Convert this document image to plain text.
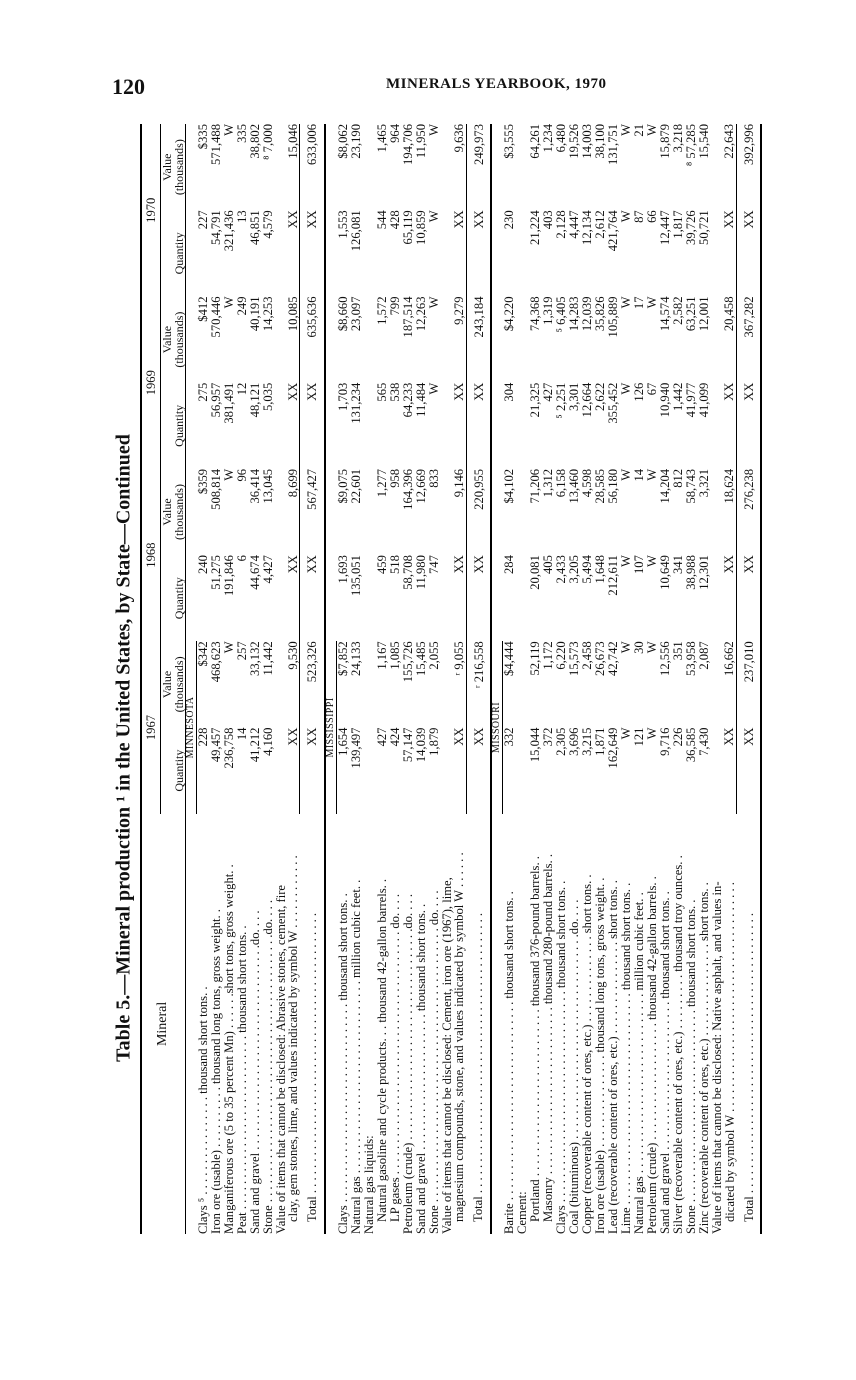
120	MINERALS YEARBOOK, 1970
Table 5.—Mineral production ¹ in the United States, by State—Continued Mineral	1967		1968		1969		1970	
	Quantity	Value
(thousands)	Quantity	Value
(thousands)	Quantity	Value
(thousands)	Quantity	Value
(thousands)
	MINNESOTA							
Clays ⁵ . . . . . . . . . . . . . . . . thousand short tons. .	228	$342	240	$359	275	$412	227	$335
Iron ore (usable) . . . . . . . . . . thousand long tons, gross weight. .	49,457	468,623	51,275	508,814	56,957	570,446	54,791	571,488
Manganiferous ore (5 to 35 percent Mn) . . . . . .short tons, gross weight. .	236,758	W	191,846	W	381,491	W	321,436	W
Peat . . . . . . . . . . . . . . . . . . . . . . . . . . . . thousand short tons. .	14	257	6	96	12	249	13	335
Sand and gravel . . . . . . . . . . . . . . . . . . . . . . . . . . . . . . . . .do. . . .	41,212	33,132	44,674	36,414	48,121	40,191	46,851	38,802
Stone . . . . . . . . . . . . . . . . . . . . . . . . . . . . . . . . . . . . . . . . . . .do. . . .	4,160	11,442	4,427	13,045	5,035	14,253	4,579	⁸ 7,000
Value of items that cannot be disclosed: Abrasive stones, cement, fire
clay, gem stones, lime, and values indicated by symbol W . . . . . . . . . . . .	XX	9,530	XX	8,699	XX	10,085	XX	15,046
Total . . . . . . . . . . . . . . . . . . . . . . . . . . . . . . . . . . . . . . . . . . . . .	XX	523,326	XX	567,427	XX	635,636	XX	633,006
	MISSISSIPPI							
Clays . . . . . . . . . . . . . . . . . . . . . . . . . . . . . . . . thousand short tons. .	1,654	$7,852	1,693	$9,075	1,703	$8,660	1,553	$8,062
Natural gas . . . . . . . . . . . . . . . . . . . . . . . . . . . . . . . million cubic feet. .	139,497	24,133	135,051	22,601	131,234	23,097	126,081	23,190
Natural gas liquids:								
Natural gasoline and cycle products. . . thousand 42-gallon barrels. .	427	1,167	459	1,277	565	1,572	544	1,465
LP gases . . . . . . . . . . . . . . . . . . . . . . . . . . . . . . . . . . . . . . . do. . . .	424	1,085	518	958	538	799	428	964
Petroleum (crude) . . . . . . . . . . . . . . . . . . . . . . . . . . . . . . . . . .do. . . .	57,147	155,726	58,708	164,396	64,233	187,514	65,119	194,706
Sand and gravel . . . . . . . . . . . . . . . . . . . . . . thousand short tons. .	14,039	15,485	11,980	12,669	11,484	12,263	10,859	11,950
Stone . . . . . . . . . . . . . . . . . . . . . . . . . . . . . . . . . . . . . . . . . . . . do. . . .	1,879	2,055	747	833	W	W	W	W
Value of items that cannot be disclosed: Cement, iron ore (1967), lime,
magnesium compounds, stone, and values indicated by symbol W . . . . . .	XX	ʳ 9,055	XX	9,146	XX	9,279	XX	9,636
Total . . . . . . . . . . . . . . . . . . . . . . . . . . . . . . . . . . . . . . . . . . . . .	XX	ʳ 216,558	XX	220,955	XX	243,184	XX	249,973
	MISSOURI							
Barite . . . . . . . . . . . . . . . . . . . . . . . . . . . . . . . . thousand short tons. .	332	$4,444	284	$4,102	304	$4,220	230	$3,555
Cement:								
Portland . . . . . . . . . . . . . . . . . . . . . . . . . . . thousand 376-pound barrels. .	15,044	52,119	20,081	71,206	21,325	74,368	21,224	64,261
Masonry . . . . . . . . . . . . . . . . . . . . . . . . . . . thousand 280-pound barrels. .	372	1,172	405	1,312	427	1,319	403	1,234
Clays . . . . . . . . . . . . . . . . . . . . . . . . . . . . . . . . . . thousand short tons. .	2,305	6,220	2,433	6,158	⁵ 2,251	⁵ 6,405	2,128	6,480
Coal (bituminous) . . . . . . . . . . . . . . . . . . . . . . . . . . . . . . . . .do. . . .	3,696	15,573	3,205	13,460	3,301	14,283	4,447	19,526
Copper (recoverable content of ores, etc.) . . . . . . . . . . . . . . short tons. .	3,215	2,458	5,494	4,598	12,664	12,039	12,134	14,003
Iron ore (usable) . . . . . . . . . . . . . . . thousand long tons, gross weight. .	1,871	26,673	1,648	28,585	2,622	35,826	2,612	38,100
Lead (recoverable content of ores, etc.) . . . . . . . . . . . . . . . short tons. .	162,649	42,742	212,611	56,180	355,452	105,889	421,764	131,751
Lime . . . . . . . . . . . . . . . . . . . . . . . . . . . . . . . . . . thousand short tons. .	W	W	W	W	W	W	W	W
Natural gas . . . . . . . . . . . . . . . . . . . . . . . . . . . . . million cubic feet. .	121	30	107	14	126	17	87	21
Petroleum (crude) . . . . . . . . . . . . . . . . . . . thousand 42-gallon barrels. .	W	W	W	W	67	W	66	W
Sand and gravel . . . . . . . . . . . . . . . . . . . . . . . . thousand short tons. .	9,716	12,556	10,649	14,204	10,940	14,574	12,447	15,879
Silver (recoverable content of ores, etc.) . . . . . . . . . thousand troy ounces. .	226	351	341	812	1,442	2,582	1,817	3,218
Stone . . . . . . . . . . . . . . . . . . . . . . . . . . . . . . . thousand short tons. .	36,585	53,958	38,988	58,743	41,977	63,251	39,726	⁸ 57,285
Zinc (recoverable content of ores, etc.) . . . . . . . . . . . . . . . short tons. .	7,430	2,087	12,301	3,321	41,099	12,001	50,721	15,540
Value of items that cannot be disclosed: Native asphalt, and values in-
dicated by symbol W . . . . . . . . . . . . . . . . . . . . . . . . . . . . . . . . . . . . .	XX	16,662	XX	18,624	XX	20,458	XX	22,643
Total . . . . . . . . . . . . . . . . . . . . . . . . . . . . . . . . . . . . . . . . . . . . .	XX	237,010	XX	276,238	XX	367,282	XX	392,996
